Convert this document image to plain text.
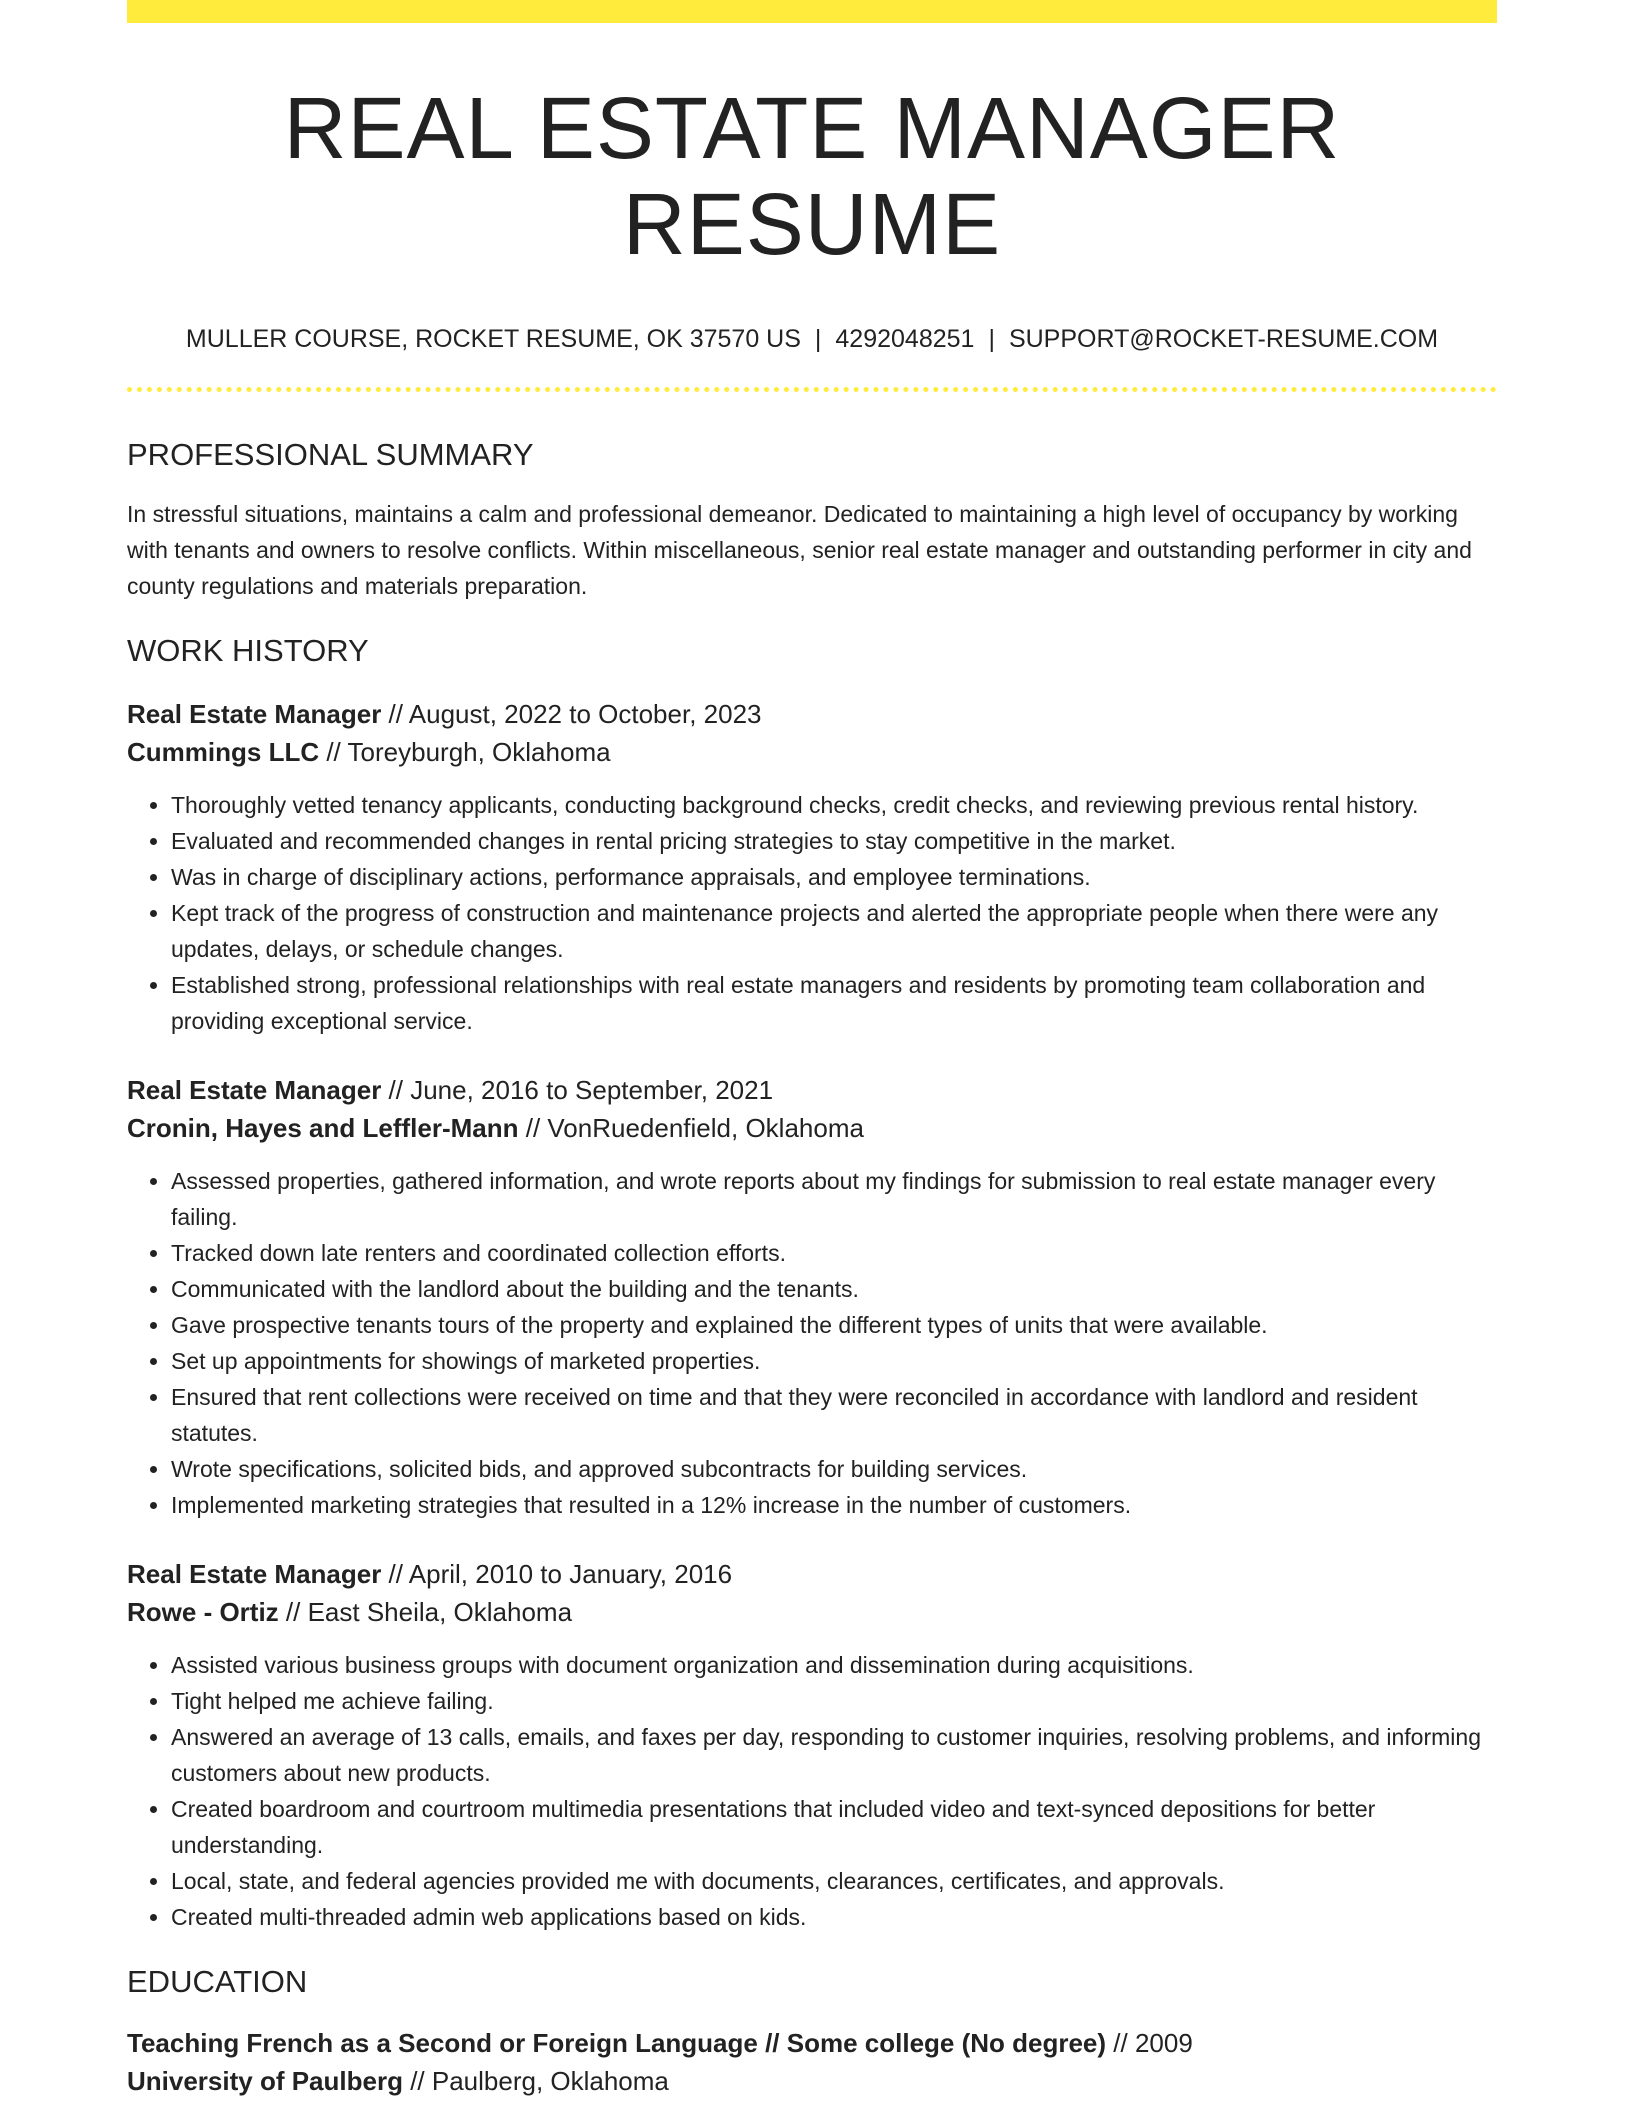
REAL ESTATE MANAGER RESUME
MULLER COURSE, ROCKET RESUME, OK 37570 US | 4292048251 | SUPPORT@ROCKET-RESUME.COM
PROFESSIONAL SUMMARY

In stressful situations, maintains a calm and professional demeanor. Dedicated to maintaining a high level of occupancy by working with tenants and owners to resolve conflicts. Within miscellaneous, senior real estate manager and outstanding performer in city and county regulations and materials preparation.

WORK HISTORY
Real Estate Manager // August, 2022 to October, 2023
Cummings LLC // Toreyburgh, Oklahoma
• Thoroughly vetted tenancy applicants, conducting background checks, credit checks, and reviewing previous rental history.
• Evaluated and recommended changes in rental pricing strategies to stay competitive in the market.
• Was in charge of disciplinary actions, performance appraisals, and employee terminations.
• Kept track of the progress of construction and maintenance projects and alerted the appropriate people when there were any updates, delays, or schedule changes.
• Established strong, professional relationships with real estate managers and residents by promoting team collaboration and providing exceptional service.
Real Estate Manager // June, 2016 to September, 2021
Cronin, Hayes and Leffler-Mann // VonRuedenfield, Oklahoma
• Assessed properties, gathered information, and wrote reports about my findings for submission to real estate manager every failing.
• Tracked down late renters and coordinated collection efforts.
• Communicated with the landlord about the building and the tenants.
• Gave prospective tenants tours of the property and explained the different types of units that were available.
• Set up appointments for showings of marketed properties.
• Ensured that rent collections were received on time and that they were reconciled in accordance with landlord and resident statutes.
• Wrote specifications, solicited bids, and approved subcontracts for building services.
• Implemented marketing strategies that resulted in a 12% increase in the number of customers.
Real Estate Manager // April, 2010 to January, 2016
Rowe - Ortiz // East Sheila, Oklahoma
• Assisted various business groups with document organization and dissemination during acquisitions.
• Tight helped me achieve failing.
• Answered an average of 13 calls, emails, and faxes per day, responding to customer inquiries, resolving problems, and informing customers about new products.
• Created boardroom and courtroom multimedia presentations that included video and text-synced depositions for better understanding.
• Local, state, and federal agencies provided me with documents, clearances, certificates, and approvals.
• Created multi-threaded admin web applications based on kids.
EDUCATION
Teaching French as a Second or Foreign Language // Some college (No degree) // 2009
University of Paulberg // Paulberg, Oklahoma
